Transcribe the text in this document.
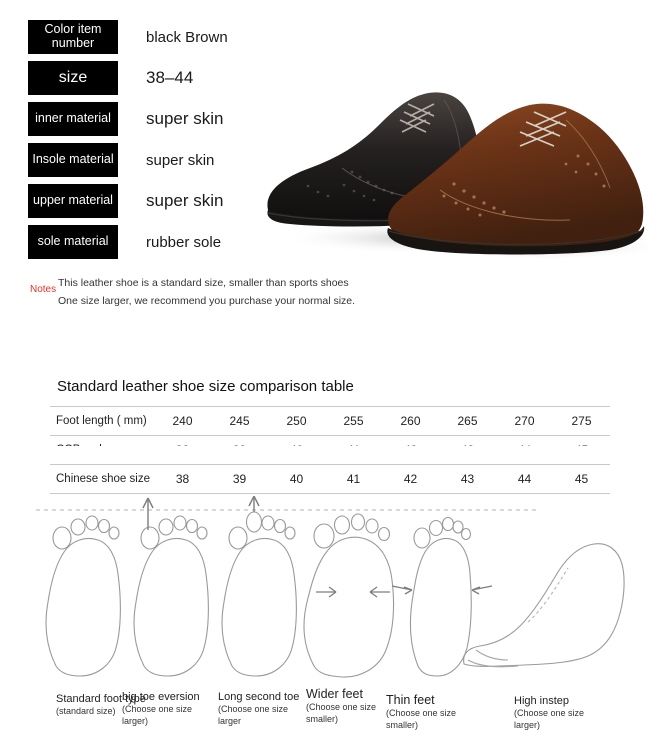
Color item number	black Brown
size	38–44
inner material	super skin
Insole material	super skin
upper material	super skin
sole material	rubber sole
Notes
This leather shoe is a standard size, smaller than sports shoes
One size larger, we recommend you purchase your normal size.
Standard leather shoe size comparison table
Foot length ( mm)	240	245	250	255	260	265	270	275

Chinese shoe size	38	39	40	41	42	43	44	45
Standard foot type
(standard size)
big toe eversion
(Choose one size larger)
Long second toe
(Choose one size larger
Wider feet
(Choose one size smaller)
Thin feet
(Choose one size smaller)
High instep
(Choose one size larger)
